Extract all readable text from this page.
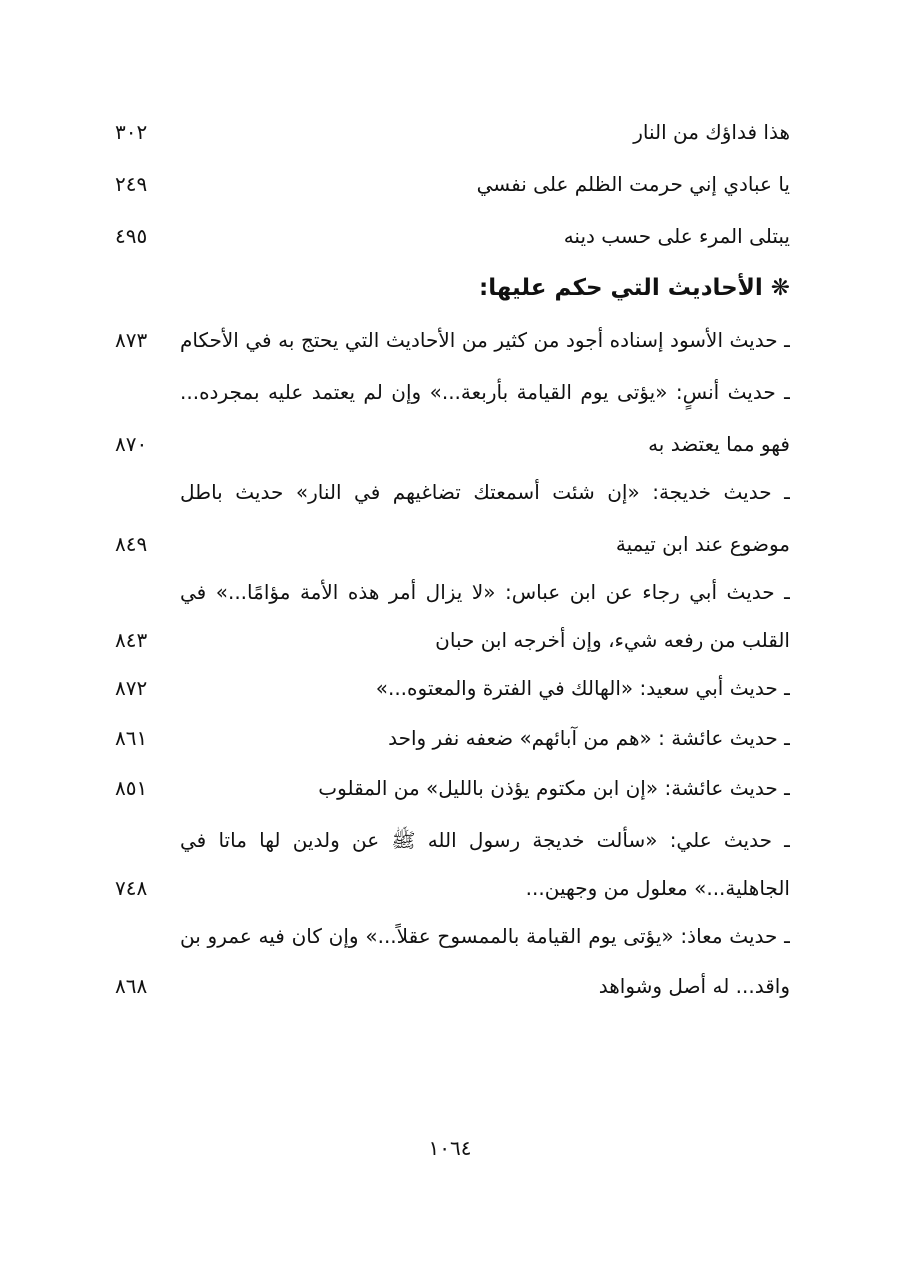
هذا فداؤك من النار
٣٠٢
يا عبادي إني حرمت الظلم على نفسي
٢٤٩
يبتلى المرء على حسب دينه
٤٩٥
❋ الأحاديث التي حكم عليها:
ـ حديث الأسود إسناده أجود من كثير من الأحاديث التي يحتج به في الأحكام
٨٧٣
ـ حديث أنسٍ: «يؤتى يوم القيامة بأربعة...» وإن لم يعتمد عليه بمجرده...
فهو مما يعتضد به
٨٧٠
ـ حديث خديجة: «إن شئت أسمعتك تضاغيهم في النار» حديث باطل
موضوع عند ابن تيمية
٨٤٩
ـ حديث أبي رجاء عن ابن عباس: «لا يزال أمر هذه الأمة مؤامًا...» في
القلب من رفعه شيء، وإن أخرجه ابن حبان
٨٤٣
ـ حديث أبي سعيد: «الهالك في الفترة والمعتوه...»
٨٧٢
ـ حديث عائشة : «هم من آبائهم» ضعفه نفر واحد
٨٦١
ـ حديث عائشة: «إن ابن مكتوم يؤذن بالليل» من المقلوب
٨٥١
ـ حديث علي: «سألت خديجة رسول الله ﷺ عن ولدين لها ماتا في
الجاهلية...» معلول من وجهين...
٧٤٨
ـ حديث معاذ: «يؤتى يوم القيامة بالممسوح عقلاً...» وإن كان فيه عمرو بن
واقد... له أصل وشواهد
٨٦٨
١٠٦٤
